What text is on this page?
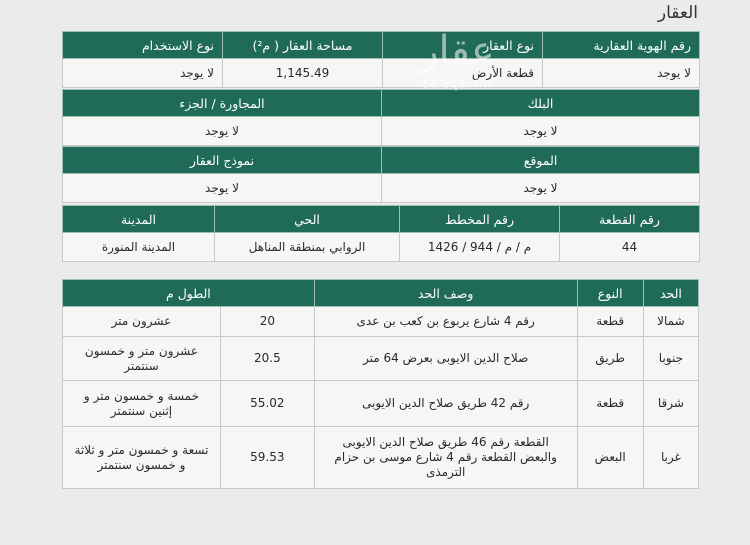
العقار
رقم الهوية العقارية	نوع العقار	مساحة العقار ( م²)	نوع الاستخدام
لا يوجد	قطعة الأرض	1,145.49	لا يوجد
البلك	المجاورة / الجزء
لا يوجد	لا يوجد
الموقع	نموذج العقار
لا يوجد	لا يوجد
رقم القطعة	رقم المخطط	الحي	المدينة
44	م / م / 944 / 1426	الروابي بمنطقة المناهل	المدينة المنورة
الحد	النوع	وصف الحد	الطول م	
شمالا	قطعة	رقم 4 شارع يربوع بن كعب بن عدى	20	عشرون متر
جنوبا	طريق	صلاح الدين الايوبى بعرض 64 متر	20.5	عشرون متر و خمسون سنتمتر
شرقا	قطعة	رقم 42 طريق صلاح الدين الايوبى	55.02	خمسة و خمسون متر و إثنين سنتمتر
غربا	البعض	القطعة رقم 46 طريق صلاح الدين الايوبى والبعض القطعة رقم 4 شارع موسى بن حزام الترمذى	59.53	تسعة و خمسون متر و ثلاثة و خمسون سنتمتر
عقار
sa.aqar.fm
